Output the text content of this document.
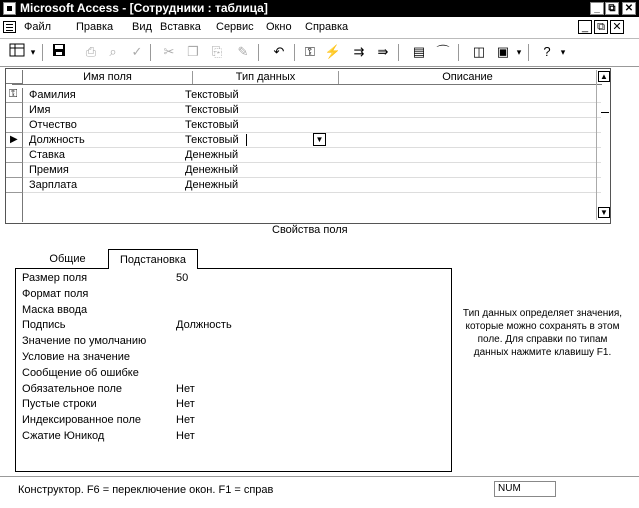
Microsoft Access - [Сотрудники : таблица]	_ ⧉ ✕
Файл Правка Вид Вставка Сервис Окно Справка	_ ⧉ ✕
▾	⎙	⌕	✓ ✂ ❐ ⎘ ✎ ↶ ⚿ ⚡ ⇉ ⇛ ▤ ⌒ ◫ ▣ ▾	?	▾
Имя поля	Тип данных	Описание
⚿ Фамилия	Текстовый
Имя	Текстовый
Отчество	Текстовый
▶ Должность	Текстовый	▼
Ставка	Денежный
Премия	Денежный
Зарплата	Денежный
▲
▼
Свойства поля
Общие	Подстановка
Размер поля	50
Формат поля
Маска ввода
Подпись	Должность
Значение по умолчанию
Условие на значение
Сообщение об ошибке
Обязательное поле	Нет
Пустые строки	Нет
Индексированное поле	Нет
Сжатие Юникод	Нет
Тип данных определяет значения, которые можно сохранять в этом поле. Для справки по типам данных нажмите клавишу F1.
Конструктор. F6 = переключение окон. F1 = справ	NUM
